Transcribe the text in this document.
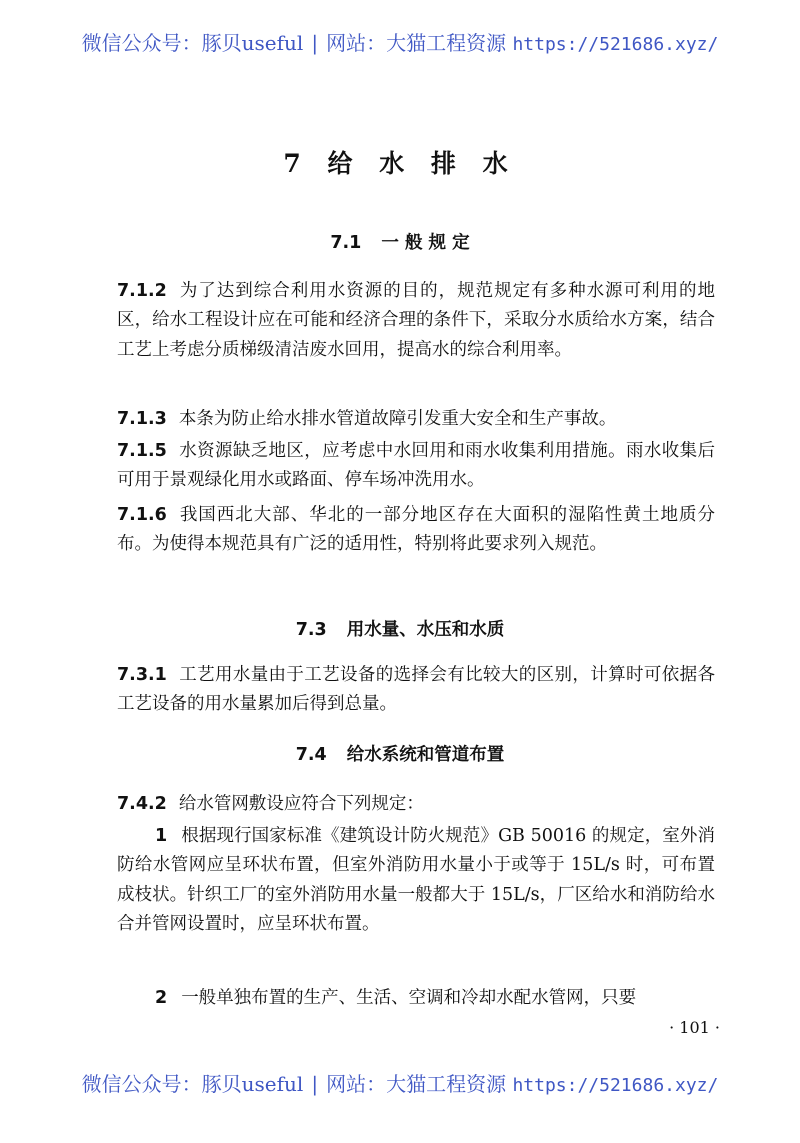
微信公众号：豚贝useful | 网站：大猫工程资源 https://521686.xyz/
7 给 水 排 水
7.1 一 般 规 定
7.1.2 为了达到综合利用水资源的目的，规范规定有多种水源可利用的地区，给水工程设计应在可能和经济合理的条件下，采取分水质给水方案，结合工艺上考虑分质梯级清洁废水回用，提高水的综合利用率。
7.1.3 本条为防止给水排水管道故障引发重大安全和生产事故。
7.1.5 水资源缺乏地区，应考虑中水回用和雨水收集利用措施。雨水收集后可用于景观绿化用水或路面、停车场冲洗用水。
7.1.6 我国西北大部、华北的一部分地区存在大面积的湿陷性黄土地质分布。为使得本规范具有广泛的适用性，特别将此要求列入规范。
7.3 用水量、水压和水质
7.3.1 工艺用水量由于工艺设备的选择会有比较大的区别，计算时可依据各工艺设备的用水量累加后得到总量。
7.4 给水系统和管道布置
7.4.2 给水管网敷设应符合下列规定：
1 根据现行国家标准《建筑设计防火规范》GB 50016 的规定，室外消防给水管网应呈环状布置，但室外消防用水量小于或等于 15L/s 时，可布置成枝状。针织工厂的室外消防用水量一般都大于 15L/s，厂区给水和消防给水合并管网设置时，应呈环状布置。
2 一般单独布置的生产、生活、空调和冷却水配水管网，只要
· 101 ·
微信公众号：豚贝useful | 网站：大猫工程资源 https://521686.xyz/
